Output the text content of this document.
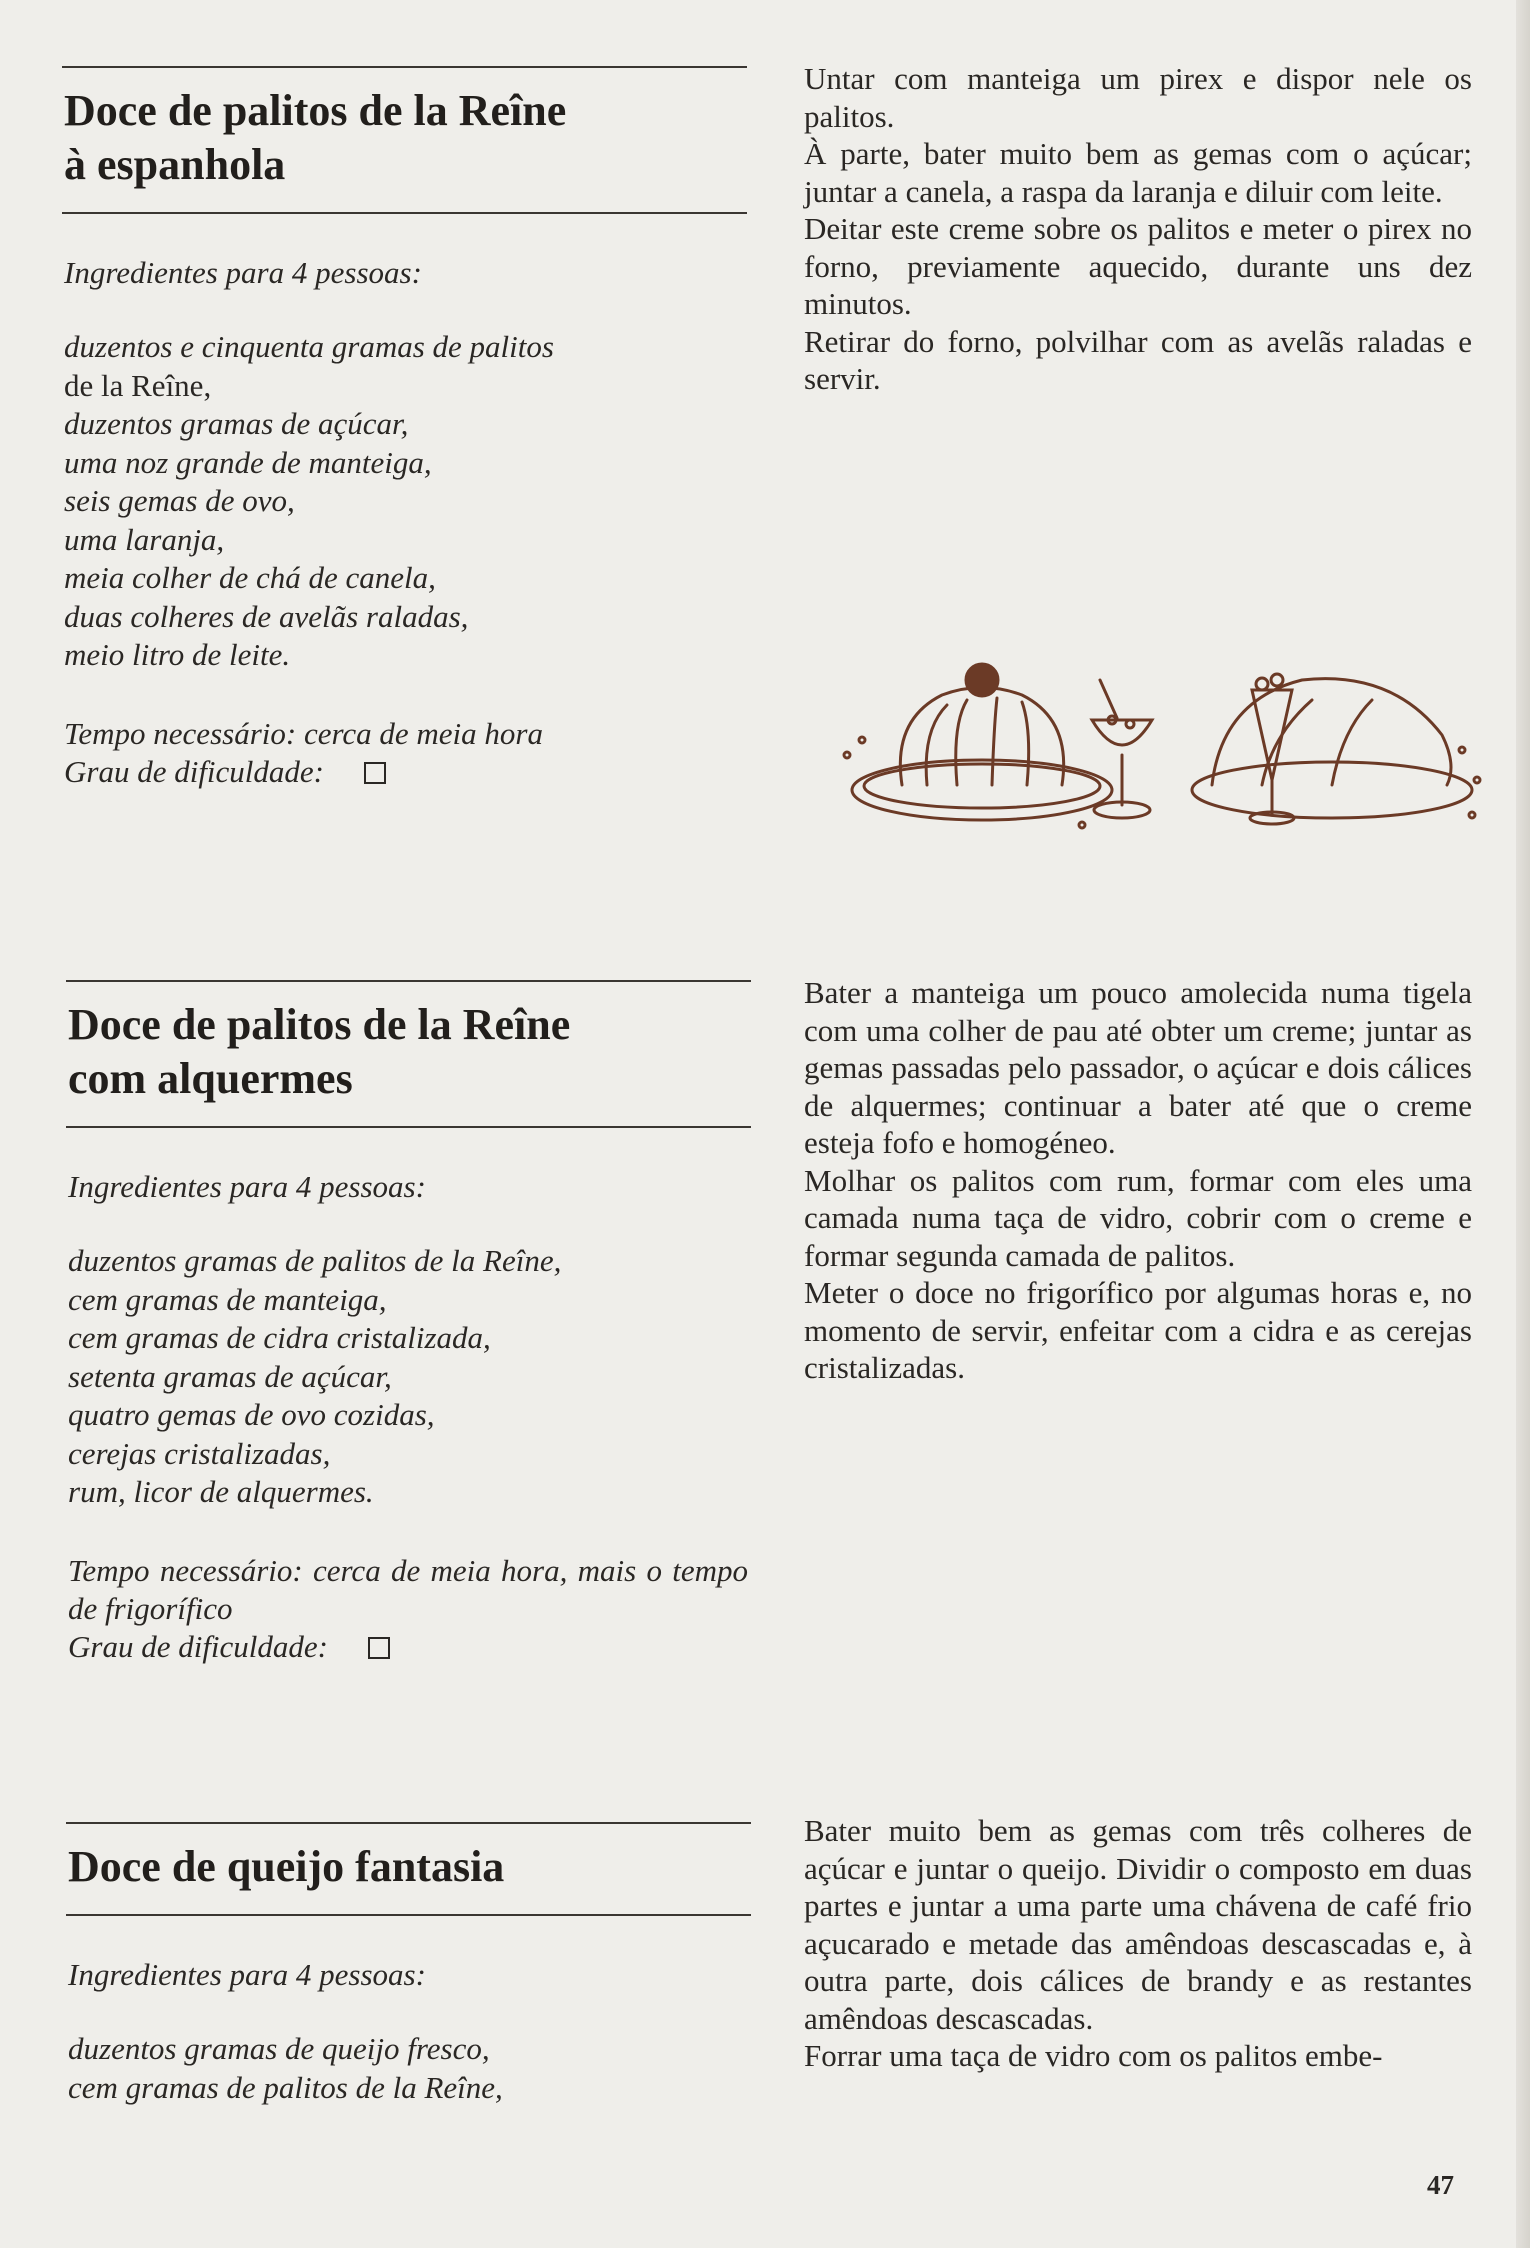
Doce de palitos de la Reîne
à espanhola
Ingredientes para 4 pessoas:
duzentos e cinquenta gramas de palitos
de la Reîne,
duzentos gramas de açúcar,
uma noz grande de manteiga,
seis gemas de ovo,
uma laranja,
meia colher de chá de canela,
duas colheres de avelãs raladas,
meio litro de leite.
Tempo necessário: cerca de meia hora
Grau de dificuldade:

Untar com manteiga um pirex e dispor nele os palitos.

À parte, bater muito bem as gemas com o açúcar; juntar a canela, a raspa da laranja e diluir com leite.

Deitar este creme sobre os palitos e meter o pirex no forno, previamente aquecido, durante uns dez minutos.

Retirar do forno, polvilhar com as avelãs raladas e servir.

Doce de palitos de la Reîne
com alquermes
Ingredientes para 4 pessoas:
duzentos gramas de palitos de la Reîne,
cem gramas de manteiga,
cem gramas de cidra cristalizada,
setenta gramas de açúcar,
quatro gemas de ovo cozidas,
cerejas cristalizadas,
rum, licor de alquermes.
Tempo necessário: cerca de meia hora, mais o tempo de frigorífico
Grau de dificuldade:

Bater a manteiga um pouco amolecida numa tigela com uma colher de pau até obter um creme; juntar as gemas passadas pelo passador, o açúcar e dois cálices de alquermes; continuar a bater até que o creme esteja fofo e homogéneo.

Molhar os palitos com rum, formar com eles uma camada numa taça de vidro, cobrir com o creme e formar segunda camada de palitos.

Meter o doce no frigorífico por algumas horas e, no momento de servir, enfeitar com a cidra e as cerejas cristalizadas.

Doce de queijo fantasia
Ingredientes para 4 pessoas:
duzentos gramas de queijo fresco,
cem gramas de palitos de la Reîne,

Bater muito bem as gemas com três colheres de açúcar e juntar o queijo. Dividir o composto em duas partes e juntar a uma parte uma chávena de café frio açucarado e metade das amêndoas descascadas e, à outra parte, dois cálices de brandy e as restantes amêndoas descascadas.

Forrar uma taça de vidro com os palitos embe-

47
